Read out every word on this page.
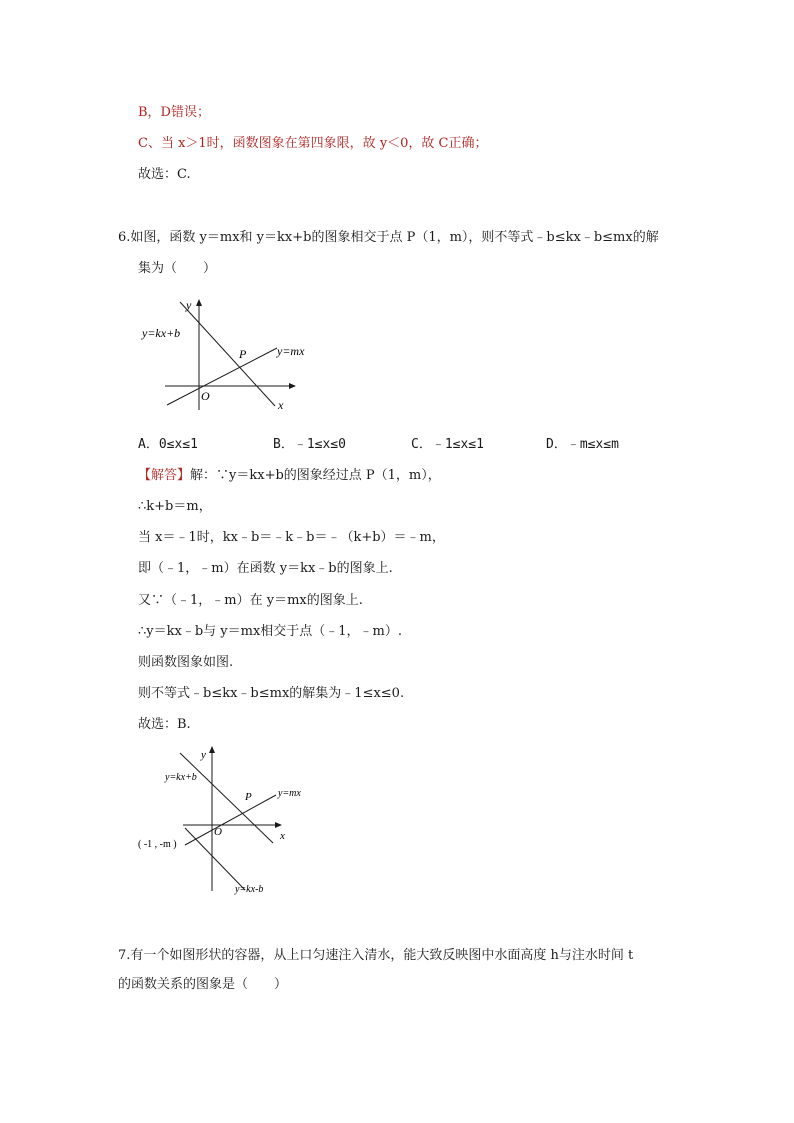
B，D错误；
C、当 x＞1时，函数图象在第四象限，故 y＜0，故 C正确；
故选：C.
6.如图，函数 y＝mx和 y＝kx+b的图象相交于点 P（1，m），则不等式﹣b≤kx﹣b≤mx的解
集为（　　）
y
x
O
y=kx+b
y=mx
P
A．0≤x≤1	B．﹣1≤x≤0	C．﹣1≤x≤1	D．﹣m≤x≤m
【解答】解：∵y＝kx+b的图象经过点 P（1，m），
∴k+b＝m，
当 x＝﹣1时，kx﹣b＝﹣k﹣b＝﹣（k+b）＝﹣m，
即（﹣1，﹣m）在函数 y＝kx﹣b的图象上.
又∵（﹣1，﹣m）在 y＝mx的图象上.
∴y＝kx﹣b与 y＝mx相交于点（﹣1，﹣m）.
则函数图象如图.
则不等式﹣b≤kx﹣b≤mx的解集为﹣1≤x≤0.
故选：B.
y
x
O
y=kx+b
y=mx
P
( -1 , -m )
y=kx-b
7.有一个如图形状的容器，从上口匀速注入清水，能大致反映图中水面高度 h与注水时间 t
的函数关系的图象是（　　）
